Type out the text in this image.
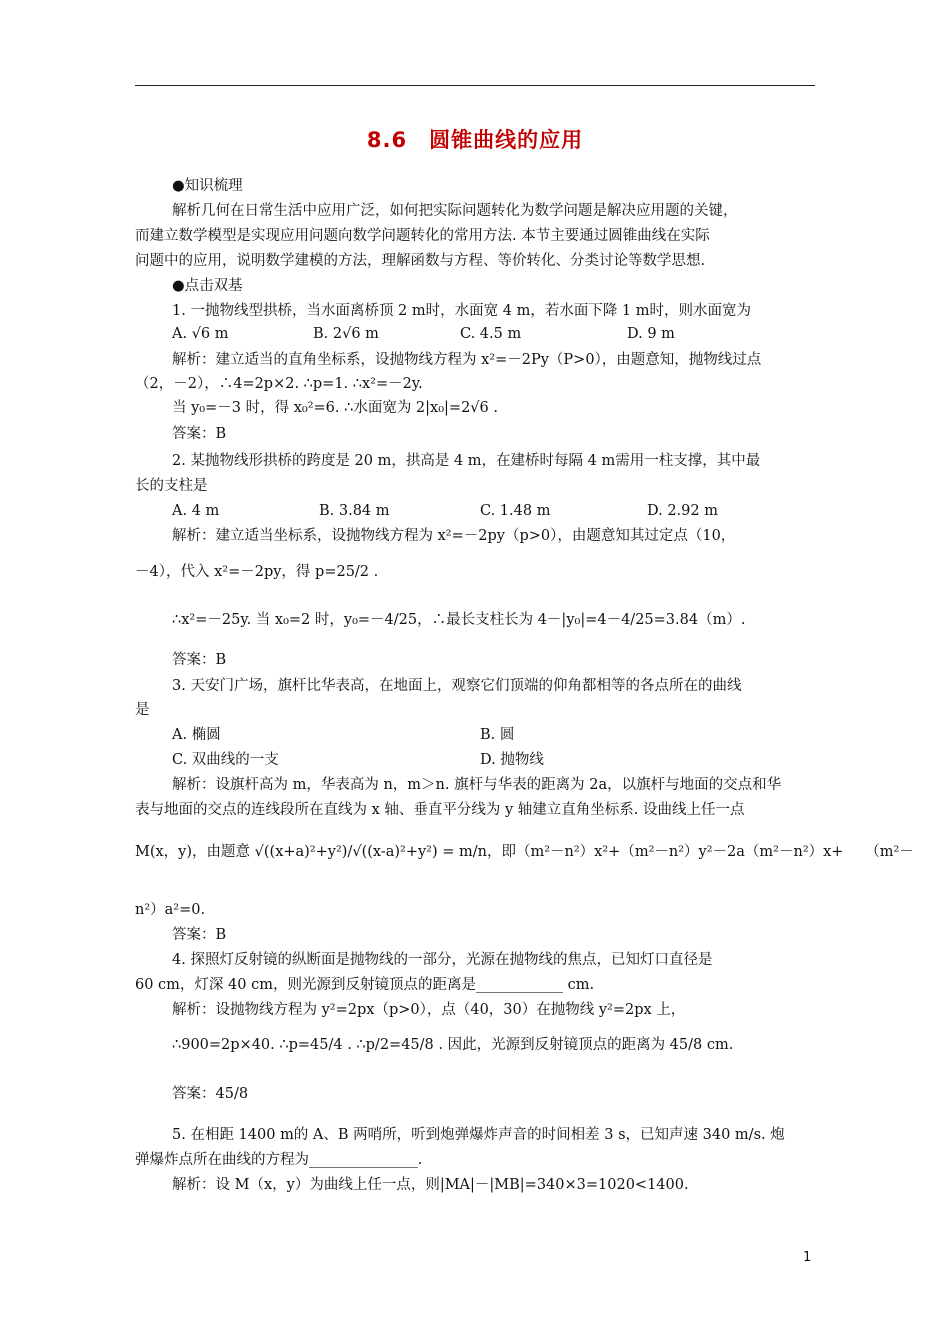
8.6　圆锥曲线的应用
●知识梳理
解析几何在日常生活中应用广泛，如何把实际问题转化为数学问题是解决应用题的关键，
而建立数学模型是实现应用问题向数学问题转化的常用方法. 本节主要通过圆锥曲线在实际
问题中的应用，说明数学建模的方法，理解函数与方程、等价转化、分类讨论等数学思想.
●点击双基
1. 一抛物线型拱桥，当水面离桥顶 2 m时，水面宽 4 m，若水面下降 1 m时，则水面宽为
A. √6 m	B. 2√6 m	C. 4.5 m	D. 9 m
解析：建立适当的直角坐标系，设抛物线方程为 x²=－2Py（P>0），由题意知，抛物线过点
（2，－2），∴4=2p×2. ∴p=1. ∴x²=－2y.
当 y₀=－3 时，得 x₀²=6. ∴水面宽为 2|x₀|=2√6 .
答案：B
2. 某抛物线形拱桥的跨度是 20 m，拱高是 4 m，在建桥时每隔 4 m需用一柱支撑，其中最
长的支柱是
A. 4 m	B. 3.84 m	C. 1.48 m	D. 2.92 m
解析：建立适当坐标系，设抛物线方程为 x²=－2py（p>0），由题意知其过定点（10，
－4），代入 x²=－2py，得 p=25/2 .
∴x²=－25y. 当 x₀=2 时，y₀=－4/25，∴最长支柱长为 4－|y₀|=4－4/25=3.84（m）.
答案：B
3. 天安门广场，旗杆比华表高，在地面上，观察它们顶端的仰角都相等的各点所在的曲线
是
A. 椭圆	B. 圆
C. 双曲线的一支	D. 抛物线
解析：设旗杆高为 m，华表高为 n，m＞n. 旗杆与华表的距离为 2a，以旗杆与地面的交点和华
表与地面的交点的连线段所在直线为 x 轴、垂直平分线为 y 轴建立直角坐标系. 设曲线上任一点
M(x，y)，由题意 √((x+a)²+y²)/√((x-a)²+y²) = m/n，即（m²－n²）x²+（m²－n²）y²－2a（m²－n²）x+　　（m²－
n²）a²=0.
答案：B
4. 探照灯反射镜的纵断面是抛物线的一部分，光源在抛物线的焦点，已知灯口直径是
60 cm，灯深 40 cm，则光源到反射镜顶点的距离是____________ cm.
解析：设抛物线方程为 y²=2px（p>0），点（40，30）在抛物线 y²=2px 上，
∴900=2p×40. ∴p=45/4 . ∴p/2=45/8 . 因此，光源到反射镜顶点的距离为 45/8 cm.
答案：45/8
5. 在相距 1400 m的 A、B 两哨所，听到炮弹爆炸声音的时间相差 3 s，已知声速 340 m/s. 炮
弹爆炸点所在曲线的方程为_______________.
解析：设 M（x，y）为曲线上任一点，则|MA|－|MB|=340×3=1020<1400.
1
